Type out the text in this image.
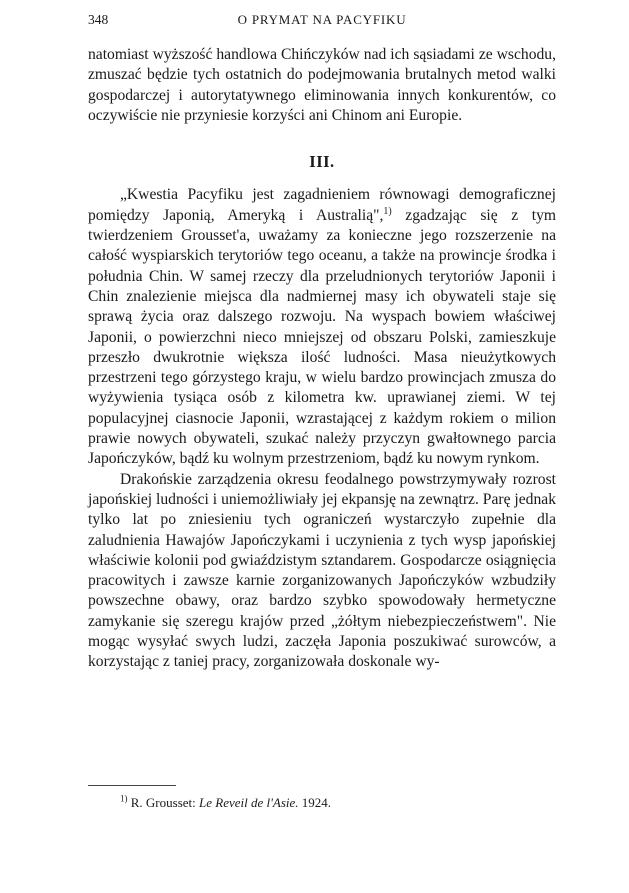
348	O PRYMAT NA PACYFIKU

natomiast wyższość handlowa Chińczyków nad ich sąsiadami ze wschodu, zmuszać będzie tych ostatnich do podejmowania brutalnych metod walki gospodarczej i autorytatywnego eliminowania innych konkurentów, co oczywiście nie przyniesie korzyści ani Chinom ani Europie.

III.

„Kwestia Pacyfiku jest zagadnieniem równowagi demograficznej pomiędzy Japonią, Ameryką i Australią",$^{1)}$ zgadzając się z tym twierdzeniem Grousset'a, uważamy za konieczne jego rozszerzenie na całość wyspiarskich terytoriów tego oceanu, a także na prowincje środka i południa Chin. W samej rzeczy dla przeludnionych terytoriów Japonii i Chin znalezienie miejsca dla nadmiernej masy ich obywateli staje się sprawą życia oraz dalszego rozwoju. Na wyspach bowiem właściwej Japonii, o powierzchni nieco mniejszej od obszaru Polski, zamieszkuje przeszło dwukrotnie większa ilość ludności. Masa nieużytkowych przestrzeni tego górzystego kraju, w wielu bardzo prowincjach zmusza do wyżywienia tysiąca osób z kilometra kw. uprawianej ziemi. W tej populacyjnej ciasnocie Japonii, wzrastającej z każdym rokiem o milion prawie nowych obywateli, szukać należy przyczyn gwałtownego parcia Japończyków, bądź ku wolnym przestrzeniom, bądź ku nowym rynkom.

Drakońskie zarządzenia okresu feodalnego powstrzymywały rozrost japońskiej ludności i uniemożliwiały jej ekpansję na zewnątrz. Parę jednak tylko lat po zniesieniu tych ograniczeń wystarczyło zupełnie dla zaludnienia Hawajów Japończykami i uczynienia z tych wysp japońskiej właściwie kolonii pod gwiaździstym sztandarem. Gospodarcze osiągnięcia pracowitych i zawsze karnie zorganizowanych Japończyków wzbudziły powszechne obawy, oraz bardzo szybko spowodowały hermetyczne zamykanie się szeregu krajów przed „żółtym niebezpieczeństwem". Nie mogąc wysyłać swych ludzi, zaczęła Japonia poszukiwać surowców, a korzystając z taniej pracy, zorganizowała doskonale wy-

$^{1)}$ R. Grousset: Le Reveil de l'Asie. 1924.
